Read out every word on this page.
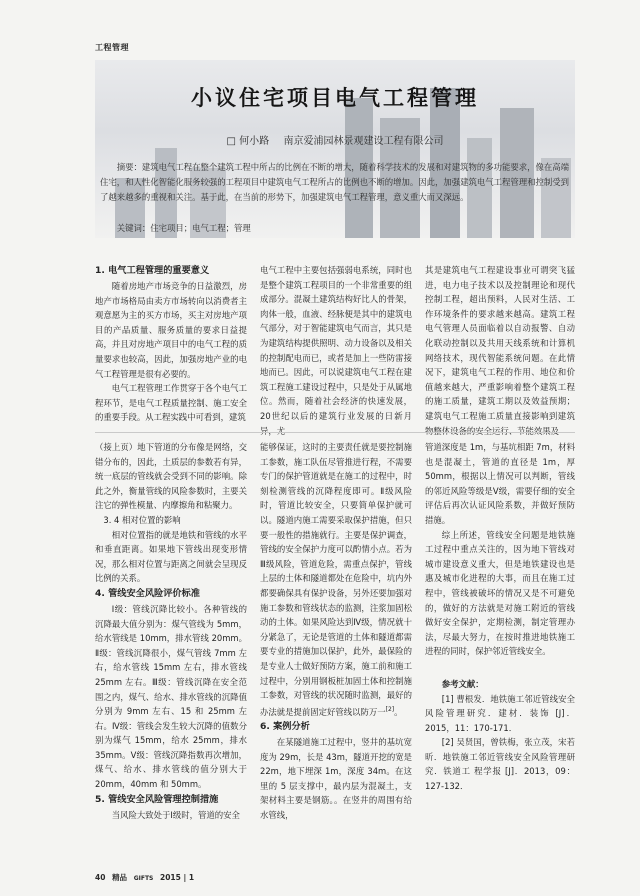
工程管理
小议住宅项目电气工程管理
□ 何小路 南京爱浦园林景观建设工程有限公司

摘要：建筑电气工程在整个建筑工程中所占的比例在不断的增大，随着科学技术的发展和对建筑物的多功能要求，像在高端住宅，和人性化智能化服务较强的工程项目中建筑电气工程所占的比例也不断的增加。因此，加强建筑电气工程管理和控制受到了越来越多的重视和关注。基于此，在当前的形势下，加强建筑电气工程管理，意义重大而又深远。

关键词：住宅项目；电气工程；管理
1. 电气工程管理的重要意义

随着房地产市场竞争的日益激烈，房地产市场格局由卖方市场转向以消费者主观意愿为主的买方市场，买主对房地产项目的产品质量、服务质量的要求日益提高，并且对房地产项目中的电气工程的质量要求也较高，因此，加强房地产业的电气工程管理是很有必要的。

电气工程管理工作贯穿于各个电气工程环节，是电气工程质量控制、施工安全的重要手段。从工程实践中可看到，建筑

电气工程中主要包括强弱电系统，同时也是整个建筑工程项目的一个非常重要的组成部分。混凝土建筑结构好比人的骨架，肉体一般，血液、经脉便是其中的建筑电气部分，对于智能建筑电气而言，其只是为建筑结构提供照明、动力设备以及相关的控制配电而已，或者是加上一些防雷接地而已。因此，可以说建筑电气工程在建筑工程施工建设过程中，只是处于从属地位。然而，随着社会经济的快速发展，20世纪以后的建筑行业发展的日新月异，尤

其是建筑电气工程建设事业可谓突飞猛进，电力电子技术以及控制理论和现代控制工程，超出预料，人民对生活、工作环境条件的要求越来越高。建筑工程电气管理人员面临着以自动报警、自动化联动控制以及共用天线系统和计算机网络技术，现代智能系统问题。在此情况下，建筑电气工程的作用、地位和价值越来越大，严重影响着整个建筑工程的施工质量，建筑工期以及效益预期；建筑电气工程施工质量直接影响到建筑物整体设备的安全运行、节能效果及

（接上页）地下管道的分布像是网络，交错分布的，因此，土质层的参数若有异，统一底层的管线就会受到不同的影响。除此之外，衡量管线的风险参数时，主要关注它的弹性模量、内摩擦角和粘聚力。

3. 4 相对位置的影响

相对位置指的就是地铁和管线的水平和垂直距离。如果地下管线出现变形情况，那么相对位置与距离之间就会呈现反比例的关系。

4. 管线安全风险评价标准

Ⅰ级：管线沉降比较小。各种管线的沉降最大值分别为：煤气管线为 5mm，给水管线是 10mm，排水管线 20mm。Ⅱ级：管线沉降很小，煤气管线 7mm 左右，给水管线 15mm 左右，排水管线 25mm 左右。Ⅲ级：管线沉降在安全范围之内，煤气、给水、排水管线的沉降值分别为 9mm 左右、15 和 25mm 左右。Ⅳ级：管线会发生较大沉降的值数分别为煤气 15mm，给水 25mm，排水 35mm。Ⅴ级：管线沉降指数再次增加，煤气、给水、排水管线的值分别大于 20mm，40mm 和 50mm。

5. 管线安全风险管理控制措施

当风险大致处于Ⅰ级时，管道的安全

能够保证，这时的主要责任就是要控制施工参数，施工队伍尽管推进行程，不需要专门的保护管道就是在施工的过程中，时刻检测管线的沉降程度即可。Ⅱ级风险时，管道比较安全，只要简单保护就可以。隧道内施工需要采取保护措施，但只要一般性的措施就行。主要是保护调查，管线的安全保护力度可以酌情小点。若为Ⅲ级风险，管道危险，需重点保护，管线上层的土体和隧道都处在危险中，坑内外都要确保具有保护设备，另外还要加强对施工参数和管线状态的监测，注浆加固松动的土体。如果风险达到Ⅳ级，情况就十分紧急了，无论是管道的土体和隧道都需要专业的措施加以保护，此外，最保险的是专业人士做好预防方案，施工前和施工过程中，分别用钢板桩加固土体和控制施工参数，对管线的状况随时监测，最好的办法就是提前固定好管线以防万一[2]。

6. 案例分析

在某隧道施工过程中，竖井的基坑宽度为 29m，长是 43m，隧道开挖的宽是 22m，地下埋深 1m，深度 34m。在这里的 5 层支撑中，最内层为混凝土，支架材料主要是钢筋。。在竖井的周围有给水管线，

管道深度是 1m，与基坑相距 7m，材料也是混凝土，管道的直径是 1m，厚 50mm，根据以上情况可以判断，管线的邻近风险等级是Ⅴ级，需要仔细的安全评估后再次认证风险系数，并做好预防措施。

综上所述，管线安全问题是地铁施工过程中重点关注的，因为地下管线对城市建设意义重大，但是地铁建设也是惠及城市化进程的大事，而且在施工过程中，管线被破坏的情况又是不可避免的，做好的方法就是对施工附近的管线做好安全保护，定期检测，制定管理办法，尽最大努力，在按时推进地铁施工进程的同时，保护邻近管线安全。

参考文献：

[1] 曹根发．地铁施工邻近管线安全风险管理研究．建材．装饰 [J]．2015，11：170-171．

[2] 吴贤国，曾铁梅，张立茂，宋若昕．地铁施工邻近管线安全风险管理研究．铁道工 程学报 [J]．2013，09：127-132．

40 精品 GIFTS 2015 | 1
